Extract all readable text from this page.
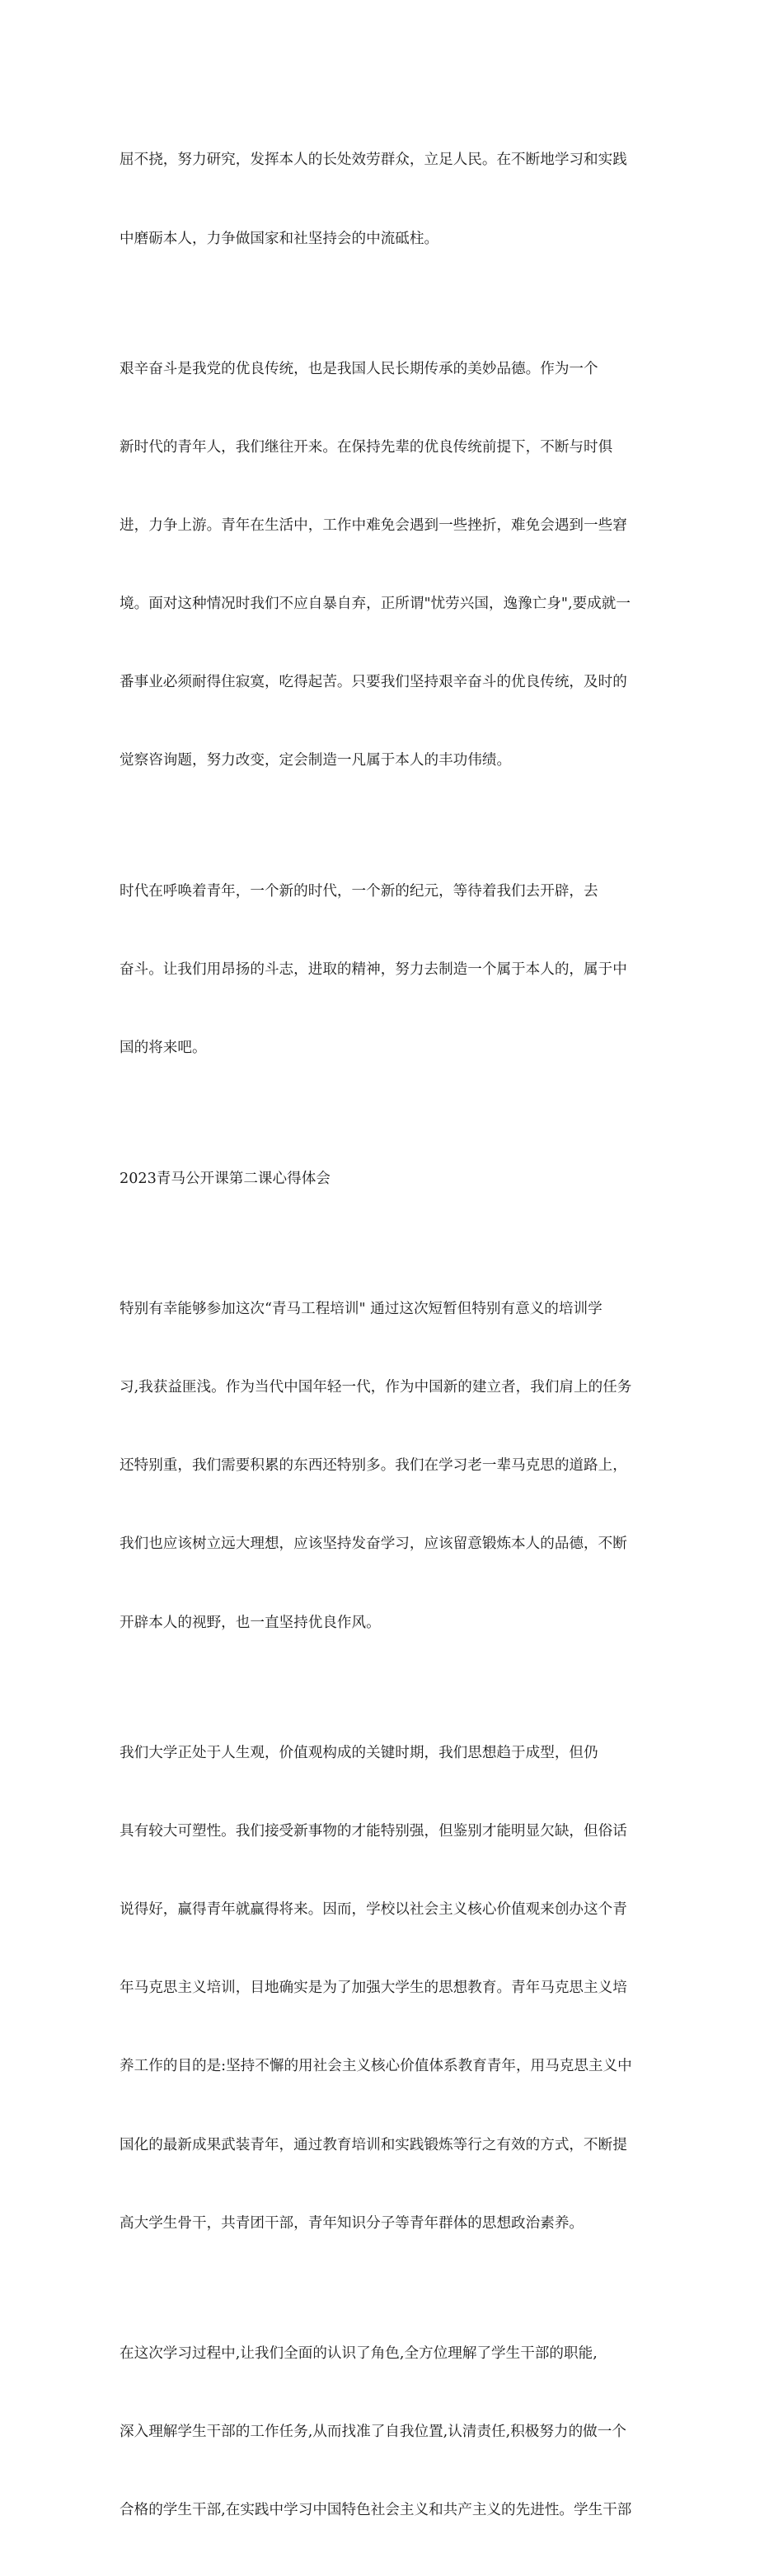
屈不挠，努力研究，发挥本人的长处效劳群众，立足人民。在不断地学习和实践

中磨砺本人，力争做国家和社坚持会的中流砥柱。

艰辛奋斗是我党的优良传统，也是我国人民长期传承的美妙品德。作为一个

新时代的青年人，我们继往开来。在保持先辈的优良传统前提下，不断与时俱

进，力争上游。青年在生活中，工作中难免会遇到一些挫折，难免会遇到一些窘

境。面对这种情况时我们不应自暴自弃，正所谓"忧劳兴国，逸豫亡身",要成就一

番事业必须耐得住寂寞，吃得起苦。只要我们坚持艰辛奋斗的优良传统，及时的

觉察咨询题，努力改变，定会制造一凡属于本人的丰功伟绩。

时代在呼唤着青年，一个新的时代，一个新的纪元，等待着我们去开辟，去

奋斗。让我们用昂扬的斗志，进取的精神，努力去制造一个属于本人的，属于中

国的将来吧。

2023青马公开课第二课心得体会

特别有幸能够参加这次“青马工程培训" 通过这次短暂但特别有意义的培训学

习,我获益匪浅。作为当代中国年轻一代，作为中国新的建立者，我们肩上的任务

还特别重，我们需要积累的东西还特别多。我们在学习老一辈马克思的道路上，

我们也应该树立远大理想，应该坚持发奋学习，应该留意锻炼本人的品德，不断

开辟本人的视野，也一直坚持优良作风。

我们大学正处于人生观，价值观构成的关键时期，我们思想趋于成型，但仍

具有较大可塑性。我们接受新事物的才能特别强，但鉴别才能明显欠缺，但俗话

说得好，赢得青年就赢得将来。因而，学校以社会主义核心价值观来创办这个青

年马克思主义培训，目地确实是为了加强大学生的思想教育。青年马克思主义培

养工作的目的是:坚持不懈的用社会主义核心价值体系教育青年，用马克思主义中

国化的最新成果武装青年，通过教育培训和实践锻炼等行之有效的方式，不断提

高大学生骨干，共青团干部，青年知识分子等青年群体的思想政治素养。

在这次学习过程中,让我们全面的认识了角色,全方位理解了学生干部的职能,

深入理解学生干部的工作任务,从而找准了自我位置,认清责任,积极努力的做一个

合格的学生干部,在实践中学习中国特色社会主义和共产主义的先进性。学生干部
